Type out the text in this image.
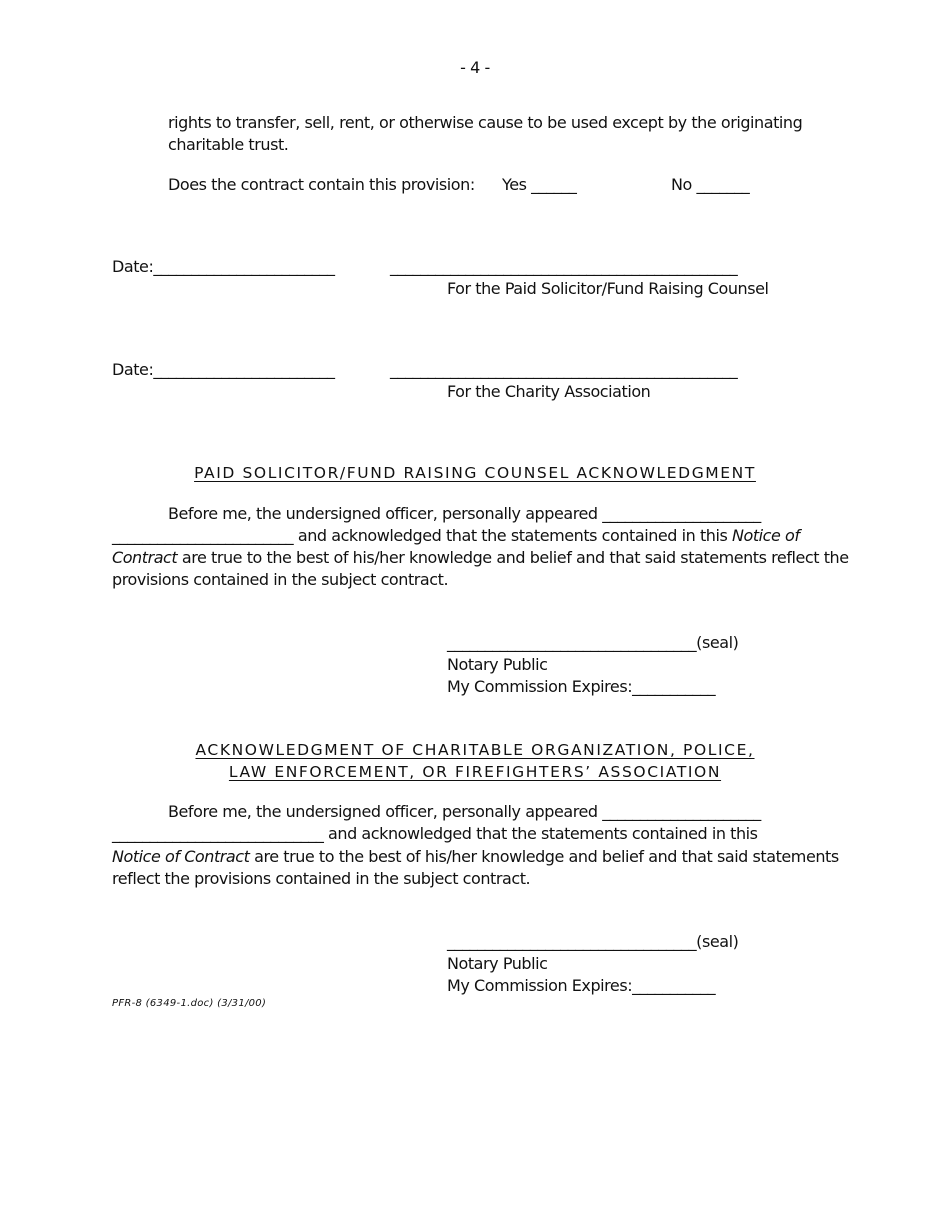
- 4 -
rights to transfer, sell, rent, or otherwise cause to be used except by the originating
charitable trust.
Does the contract contain this provision: Yes ______	No _______
Date:________________________	______________________________________________
For the Paid Solicitor/Fund Raising Counsel
Date:________________________	______________________________________________
For the Charity Association
PAID SOLICITOR/FUND RAISING COUNSEL ACKNOWLEDGMENT
Before me, the undersigned officer, personally appeared _____________________
________________________ and acknowledged that the statements contained in this Notice of
Contract are true to the best of his/her knowledge and belief and that said statements reflect the
provisions contained in the subject contract.
_________________________________(seal)
Notary Public
My Commission Expires:___________
ACKNOWLEDGMENT OF CHARITABLE ORGANIZATION, POLICE,
LAW ENFORCEMENT, OR FIREFIGHTERS’ ASSOCIATION
Before me, the undersigned officer, personally appeared _____________________
____________________________ and acknowledged that the statements contained in this
Notice of Contract are true to the best of his/her knowledge and belief and that said statements
reflect the provisions contained in the subject contract.
_________________________________(seal)
Notary Public
My Commission Expires:___________
PFR-8 (6349-1.doc) (3/31/00)
